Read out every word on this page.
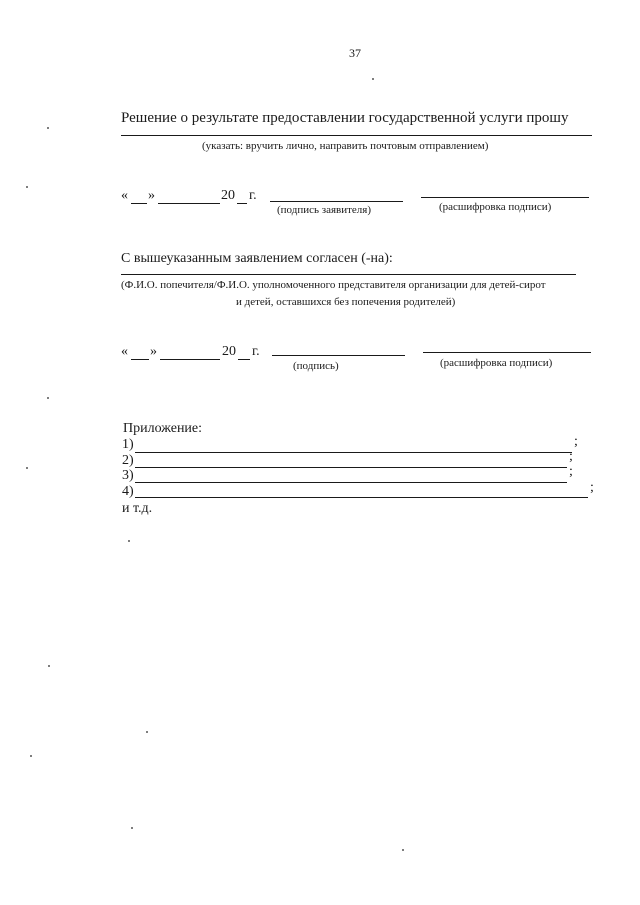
37
Решение о результате предоставлении государственной услуги прошу
(указать: вручить лично, направить почтовым отправлением)
« »	20 г.
(подпись заявителя)	(расшифровка подписи)
С вышеуказанным заявлением согласен (-на):
(Ф.И.О. попечителя/Ф.И.О. уполномоченного представителя организации для детей-сирот
и детей, оставшихся без попечения родителей)
« »	20 г.
(подпись)	(расшифровка подписи)
Приложение:
1)	;
2)	;
3)	;
4)	;
и т.д.
